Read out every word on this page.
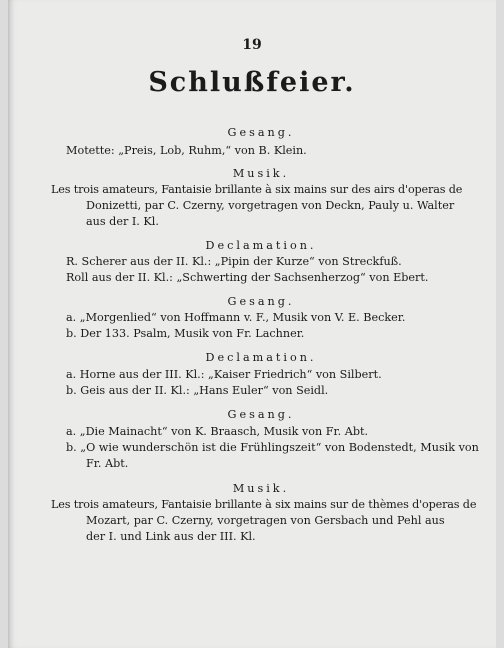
19
Schlußfeier.
Gesang.
Motette: „Preis, Lob, Ruhm,“ von B. Klein.
Musik.
Les trois amateurs, Fantaisie brillante à six mains sur des airs d'operas de
Donizetti, par C. Czerny, vorgetragen von Deckn, Pauly u. Walter
aus der I. Kl.
Declamation.
R. Scherer aus der II. Kl.: „Pipin der Kurze“ von Streckfuß.
Roll aus der II. Kl.: „Schwerting der Sachsenherzog“ von Ebert.
Gesang.
a. „Morgenlied“ von Hoffmann v. F., Musik von V. E. Becker.
b. Der 133. Psalm, Musik von Fr. Lachner.
Declamation.
a. Horne aus der III. Kl.: „Kaiser Friedrich“ von Silbert.
b. Geis aus der II. Kl.: „Hans Euler“ von Seidl.
Gesang.
a. „Die Mainacht“ von K. Braasch, Musik von Fr. Abt.
b. „O wie wunderschön ist die Frühlingszeit“ von Bodenstedt, Musik von
Fr. Abt.
Musik.
Les trois amateurs, Fantaisie brillante à six mains sur de thèmes d'operas de
Mozart, par C. Czerny, vorgetragen von Gersbach und Pehl aus
der I. und Link aus der III. Kl.
